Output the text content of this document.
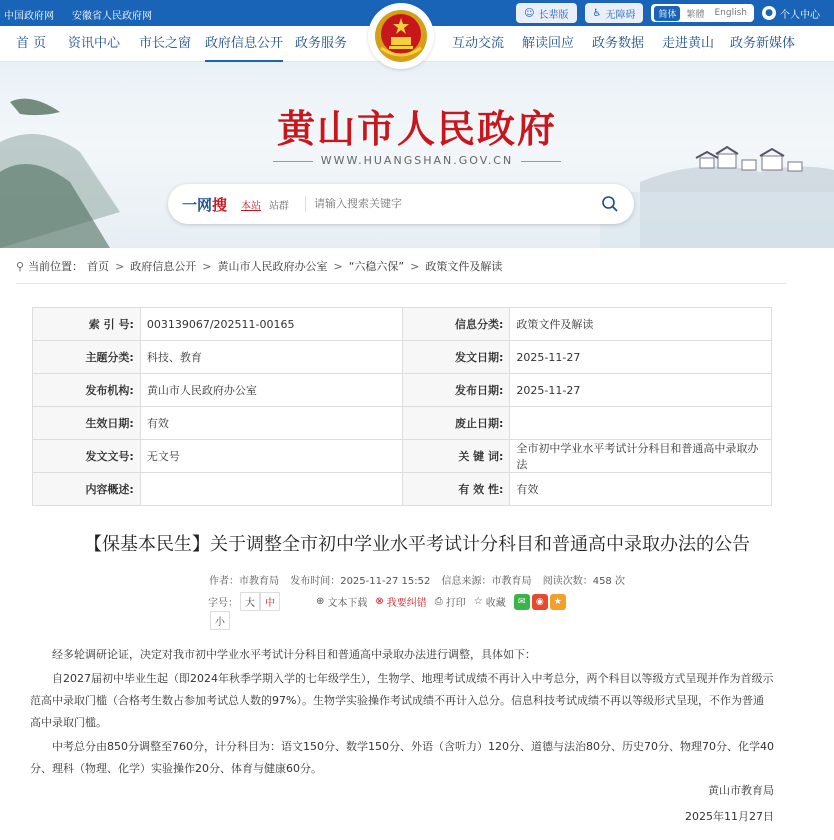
中国政府网 安徽省人民政府网	☺ 长辈版 ♿ 无障碍	简体	繁體	English	● 个人中心
首 页 资讯中心 市长之窗 政府信息公开 政务服务	互动交流 解读回应 政务数据 走进黄山 政务新媒体
黄山市人民政府
WWW.HUANGSHAN.GOV.CN
一网搜 本站 站群
请输入搜索关键字
⚲ 当前位置： 首页 > 政府信息公开 > 黄山市人民政府办公室 > “六稳六保” > 政策文件及解读
索 引 号:	003139067/202511-00165	信息分类:	政策文件及解读
主题分类:	科技、教育	发文日期:	2025-11-27
发布机构:	黄山市人民政府办公室	发布日期:	2025-11-27
生效日期:	有效	废止日期:	
发文文号:	无文号	关 键 词:	全市初中学业水平考试计分科目和普通高中录取办法
内容概述:		有 效 性:	有效
【保基本民生】关于调整全市初中学业水平考试计分科目和普通高中录取办法的公告
作者：市教育局 发布时间：2025-11-27 15:52 信息来源：市教育局 阅读次数：458 次
字号： 大	中	⊕ 文本下载 ⊗ 我要纠错 ⎙ 打印 ☆ 收藏	✉	◉	★
小

经多轮调研论证，决定对我市初中学业水平考试计分科目和普通高中录取办法进行调整，具体如下：

自2027届初中毕业生起（即2024年秋季学期入学的七年级学生），生物学、地理考试成绩不再计入中考总分，两个科目以等级方式呈现并作为首级示范高中录取门槛（合格考生数占参加考试总人数的97%）。生物学实验操作考试成绩不再计入总分。信息科技考试成绩不再以等级形式呈现，不作为普通高中录取门槛。

中考总分由850分调整至760分，计分科目为：语文150分、数学150分、外语（含听力）120分、道德与法治80分、历史70分、物理70分、化学40分、理科（物理、化学）实验操作20分、体育与健康60分。

黄山市教育局
2025年11月27日
